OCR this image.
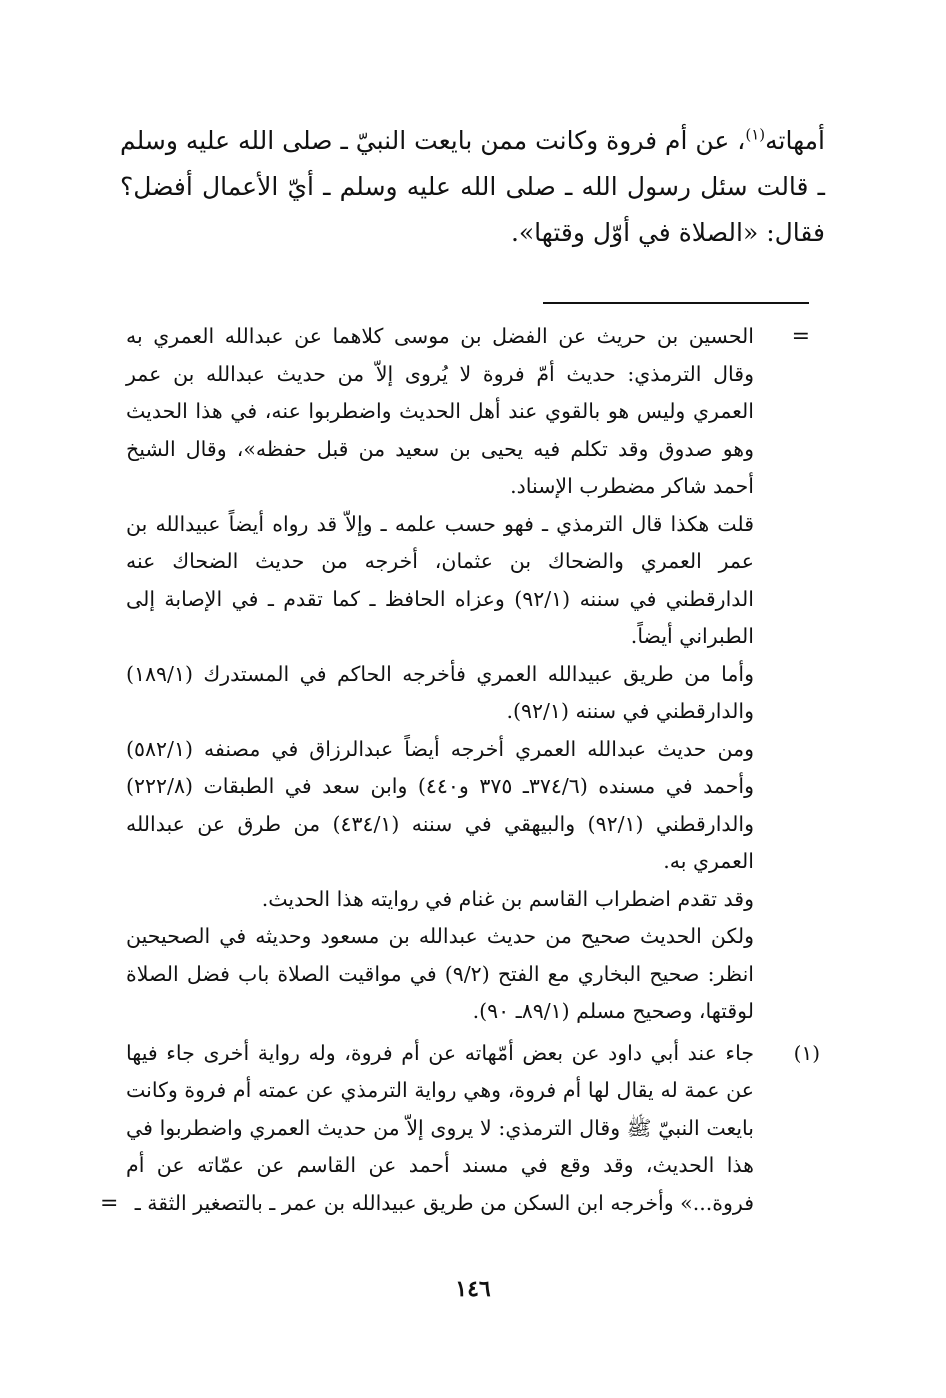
أمهاته$^{(١)}$، عن أم فروة وكانت ممن بايعت النبيّ ـ صلى الله عليه وسلم ـ قالت سئل رسول الله ـ صلى الله عليه وسلم ـ أيّ الأعمال أفضل؟ فقال: «الصلاة في أوّل وقتها».

=

الحسين بن حريث عن الفضل بن موسى كلاهما عن عبدالله العمري به وقال الترمذي: حديث أمّ فروة لا يُروى إلاّ من حديث عبدالله بن عمر العمري وليس هو بالقوي عند أهل الحديث واضطربوا عنه، في هذا الحديث وهو صدوق وقد تكلم فيه يحيى بن سعيد من قبل حفظه»، وقال الشيخ أحمد شاكر مضطرب الإسناد.

قلت هكذا قال الترمذي ـ فهو حسب علمه ـ وإلاّ قد رواه أيضاً عبيدالله بن عمر العمري والضحاك بن عثمان، أخرجه من حديث الضحاك عنه الدارقطني في سننه (٩٢/١) وعزاه الحافظ ـ كما تقدم ـ في الإصابة إلى الطبراني أيضاً.

وأما من طريق عبيدالله العمري فأخرجه الحاكم في المستدرك (١٨٩/١) والدارقطني في سننه (٩٢/١).

ومن حديث عبدالله العمري أخرجه أيضاً عبدالرزاق في مصنفه (٥٨٢/١) وأحمد في مسنده (٣٧٤/٦ـ ٣٧٥ و٤٤٠) وابن سعد في الطبقات (٢٢٢/٨) والدارقطني (٩٢/١) والبيهقي في سننه (٤٣٤/١) من طرق عن عبدالله العمري به.

وقد تقدم اضطراب القاسم بن غنام في روايته هذا الحديث.

ولكن الحديث صحيح من حديث عبدالله بن مسعود وحديثه في الصحيحين انظر: صحيح البخاري مع الفتح (٩/٢) في مواقيت الصلاة باب فضل الصلاة لوقتها، وصحيح مسلم (٨٩/١ـ ٩٠).

(١)

جاء عند أبي داود عن بعض أمّهاته عن أم فروة، وله رواية أخرى جاء فيها عن عمة له يقال لها أم فروة، وهي رواية الترمذي عن عمته أم فروة وكانت بايعت النبيّ ﷺ وقال الترمذي: لا يروى إلاّ من حديث العمري واضطربوا في هذا الحديث، وقد وقع في مسند أحمد عن القاسم عن عمّاته عن أم فروة...» وأخرجه ابن السكن من طريق عبيدالله بن عمر ـ بالتصغير الثقة ـ

=
١٤٦
